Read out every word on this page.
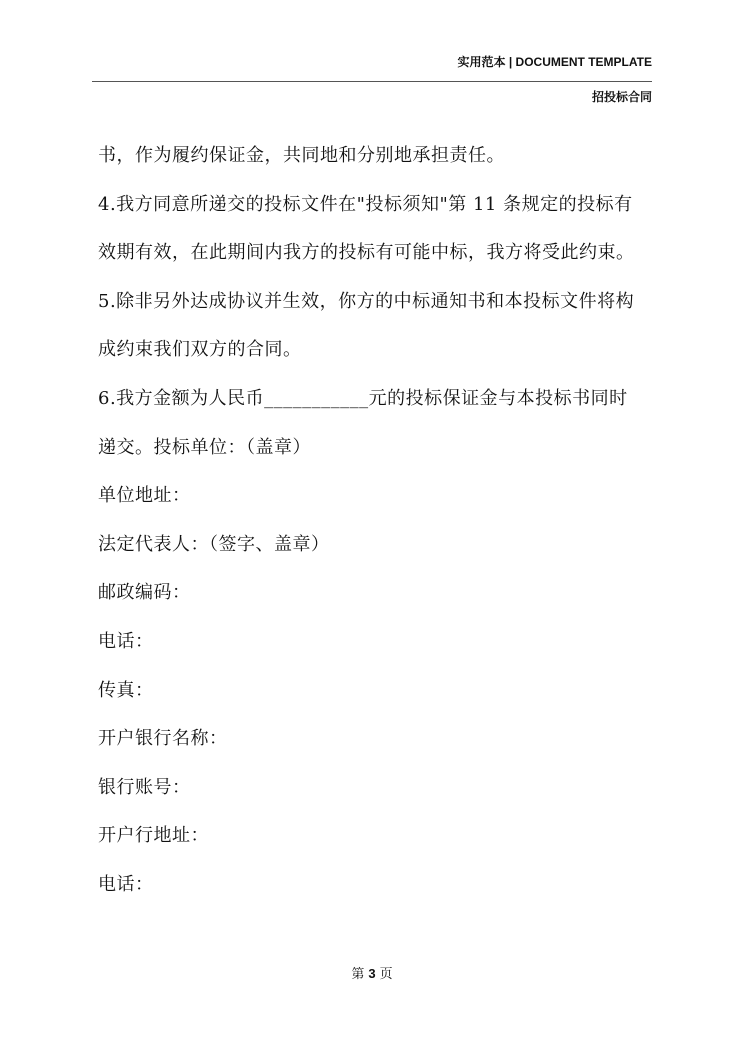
实用范本 | DOCUMENT TEMPLATE
招投标合同
书，作为履约保证金，共同地和分别地承担责任。
4.我方同意所递交的投标文件在"投标须知"第 11 条规定的投标有
效期有效，在此期间内我方的投标有可能中标，我方将受此约束。
5.除非另外达成协议并生效，你方的中标通知书和本投标文件将构
成约束我们双方的合同。
6.我方金额为人民币___________元的投标保证金与本投标书同时
递交。投标单位：（盖章）
单位地址：
法定代表人：（签字、盖章）
邮政编码：
电话：
传真：
开户银行名称：
银行账号：
开户行地址：
电话：
第 3 页
